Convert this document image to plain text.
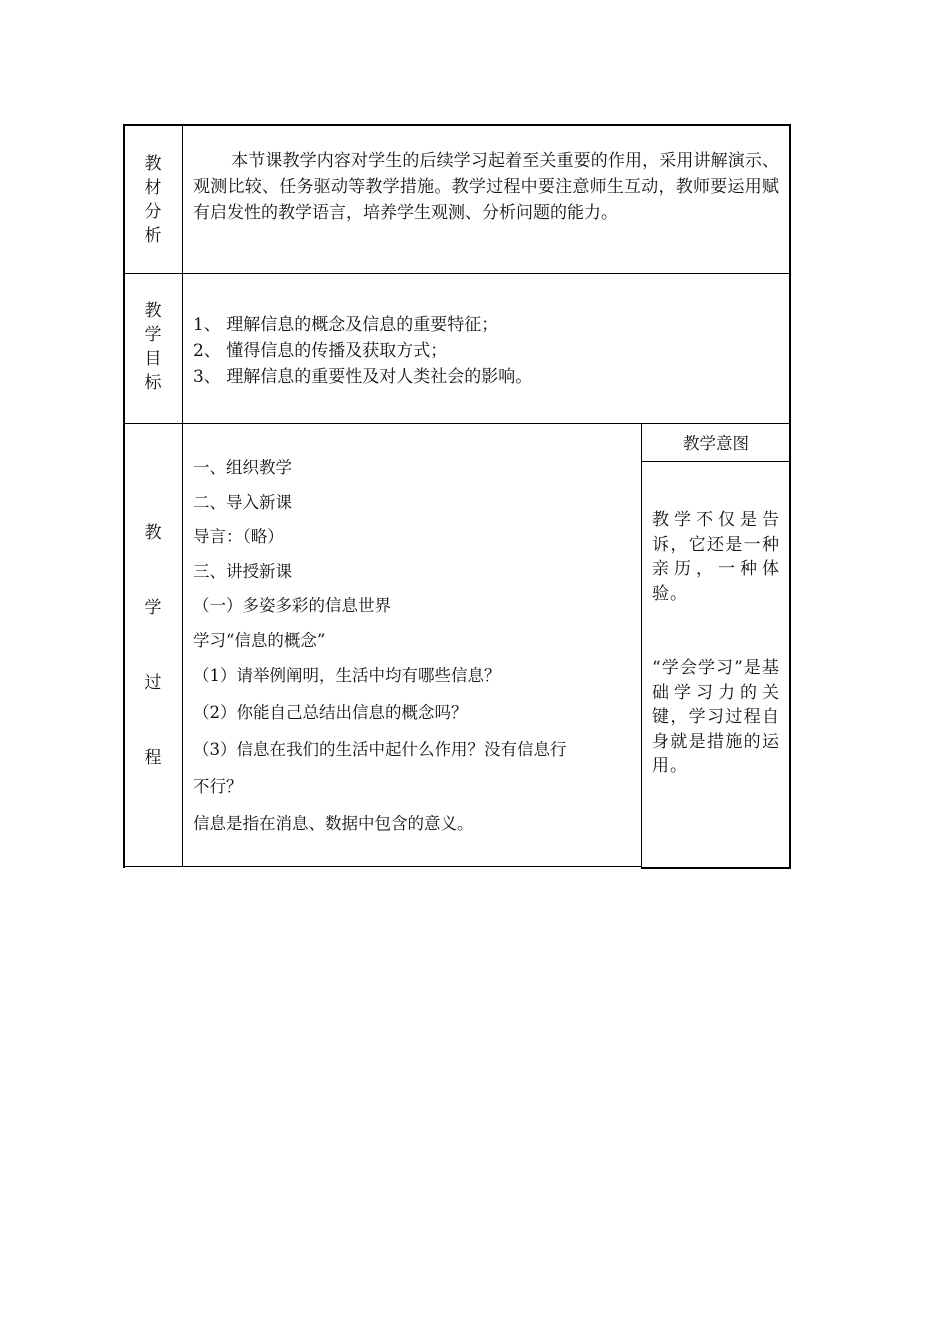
教
材
分
析
本节课教学内容对学生的后续学习起着至关重要的作用，采用讲解演示、观测比较、任务驱动等教学措施。教学过程中要注意师生互动，教师要运用赋有启发性的教学语言，培养学生观测、分析问题的能力。
教
学
目
标
1、 理解信息的概念及信息的重要特征；
2、 懂得信息的传播及获取方式；
3、 理解信息的重要性及对人类社会的影响。
教
学
过
程
一、组织教学
二、导入新课
导言：（略）
三、讲授新课
（一）多姿多彩的信息世界
学习“信息的概念”
（1）请举例阐明，生活中均有哪些信息？
（2）你能自己总结出信息的概念吗？
（3）信息在我们的生活中起什么作用？没有信息行
不行？
信息是指在消息、数据中包含的意义。
教学意图
教学不仅是告诉，它还是一种亲历，一种体验。
“学会学习”是基础学习力的关键，学习过程自身就是措施的运用。
